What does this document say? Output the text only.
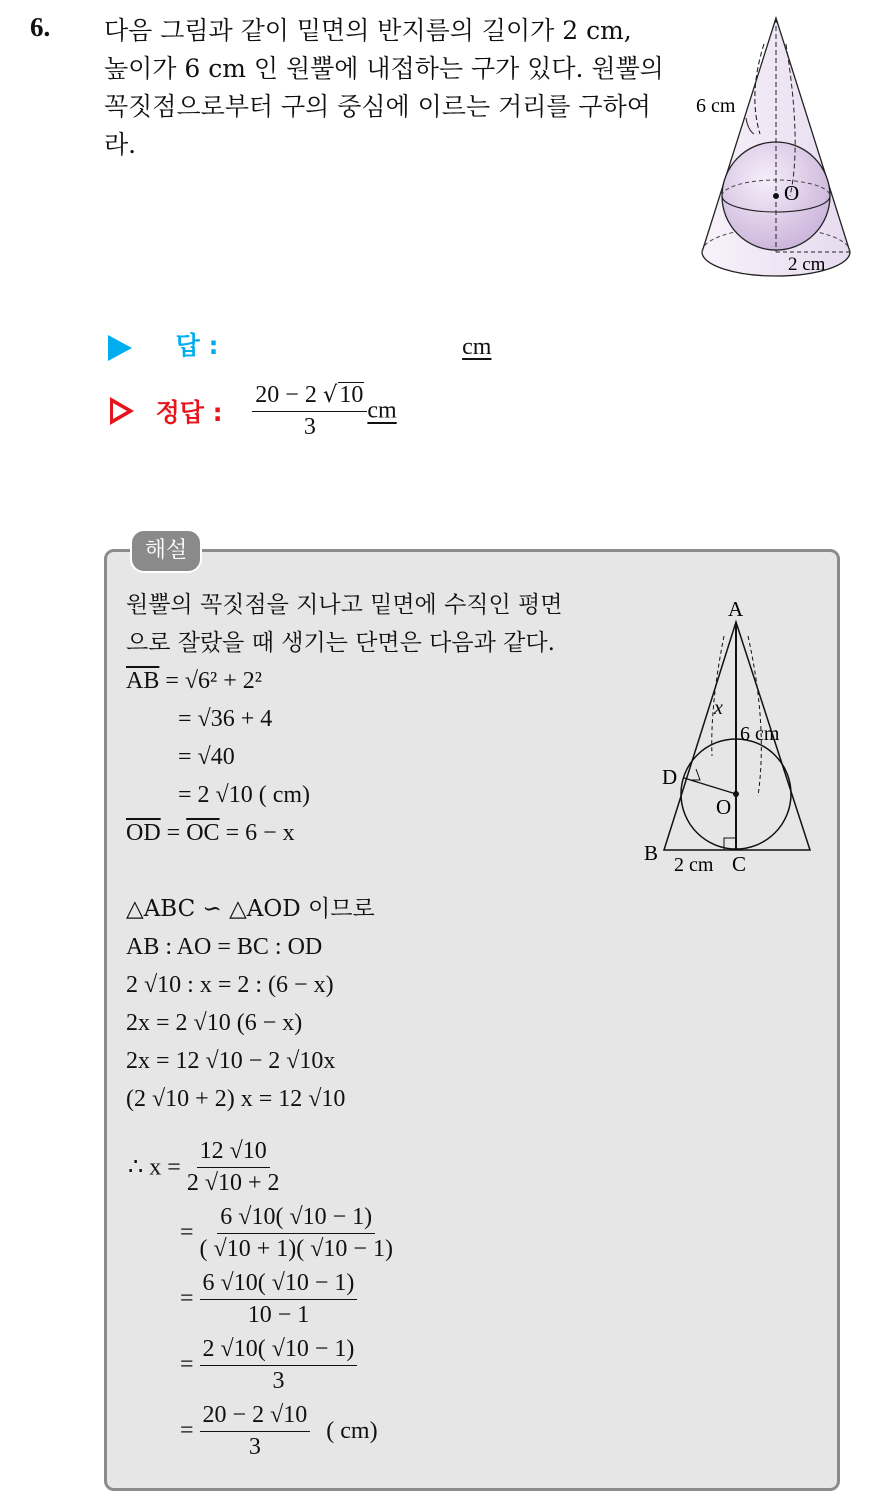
6. 다음 그림과 같이 밑면의 반지름의 길이가 2 cm,
높이가 6 cm 인 원뿔에 내접하는 구가 있다. 원뿔의
꼭짓점으로부터 구의 중심에 이르는 거리를 구하여
라.
6 cm
O
2 cm
답 :	cm
정답 : $\frac{20 - 2 √10}{3}$ cm
해설
원뿔의 꼭짓점을 지나고 밑면에 수직인 평면
으로 잘랐을 때 생기는 단면은 다음과 같다.
$\overline{AB} = √6^2 + 2^2$
= √36 + 4
= √40
= 2 √10 ( cm)
$\overline{OD} = \overline{OC} = 6 - x$
△ABC ∽ △AOD 이므로
AB : AO = BC : OD
2 √10 : x = 2 : (6 − x)
2x = 2 √10 (6 − x)
2x = 12 √10 − 2 √10x
(2 √10 + 2) x = 12 √10
∴ $x = \frac{12 √10}{2 √10 + 2}$
= $\frac{6 √10( √10 - 1)}{( √10 + 1)( √10 - 1)}$
= $\frac{6 √10( √10 - 1)}{10 - 1}$
= $\frac{2 √10( √10 - 1)}{3}$
= $\frac{20 - 2 √10}{3}$ ( cm)
A
B	C
D
O
x
6 cm
2 cm
